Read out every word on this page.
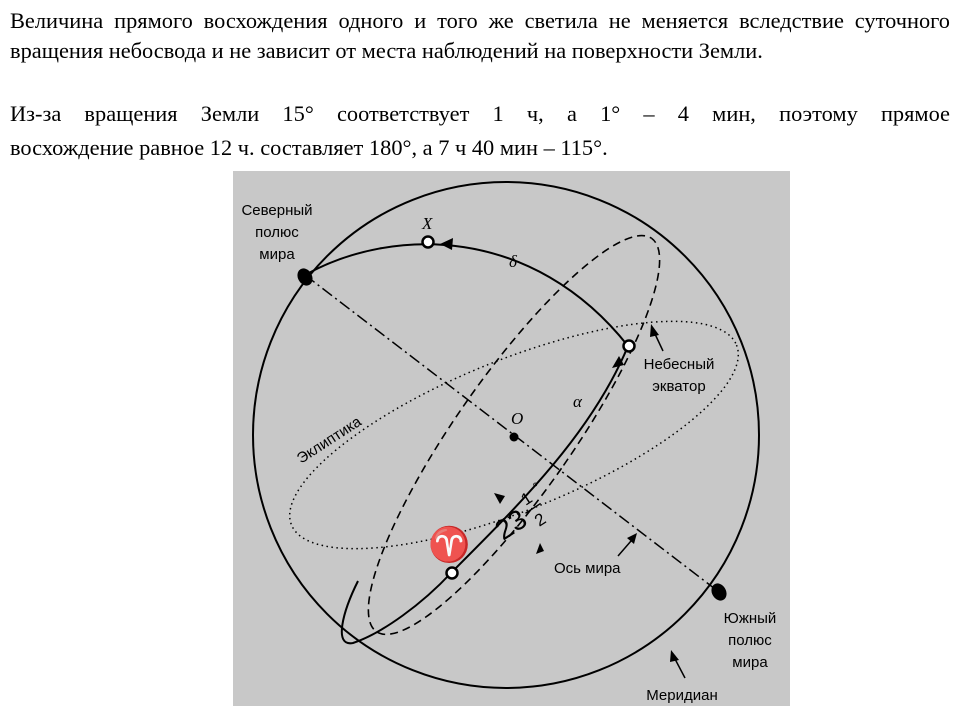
Величина прямого восхождения одного и того же светила не меняется вследствие суточного вращения небосвода и не зависит от места наблюдений на поверхности Земли.

Из-за вращения Земли 15° соответствует 1 ч, а 1° – 4 мин, поэтому прямое

восхождение равное 12 ч. составляет 180°, а 7 ч 40 мин – 115°.

Северный
полюс
мира
Южный
полюс
мира
Небесный
экватор
Эклиптика
Ось мира
Меридиан
O
X
δ
α
♈ 23
1
2
°
